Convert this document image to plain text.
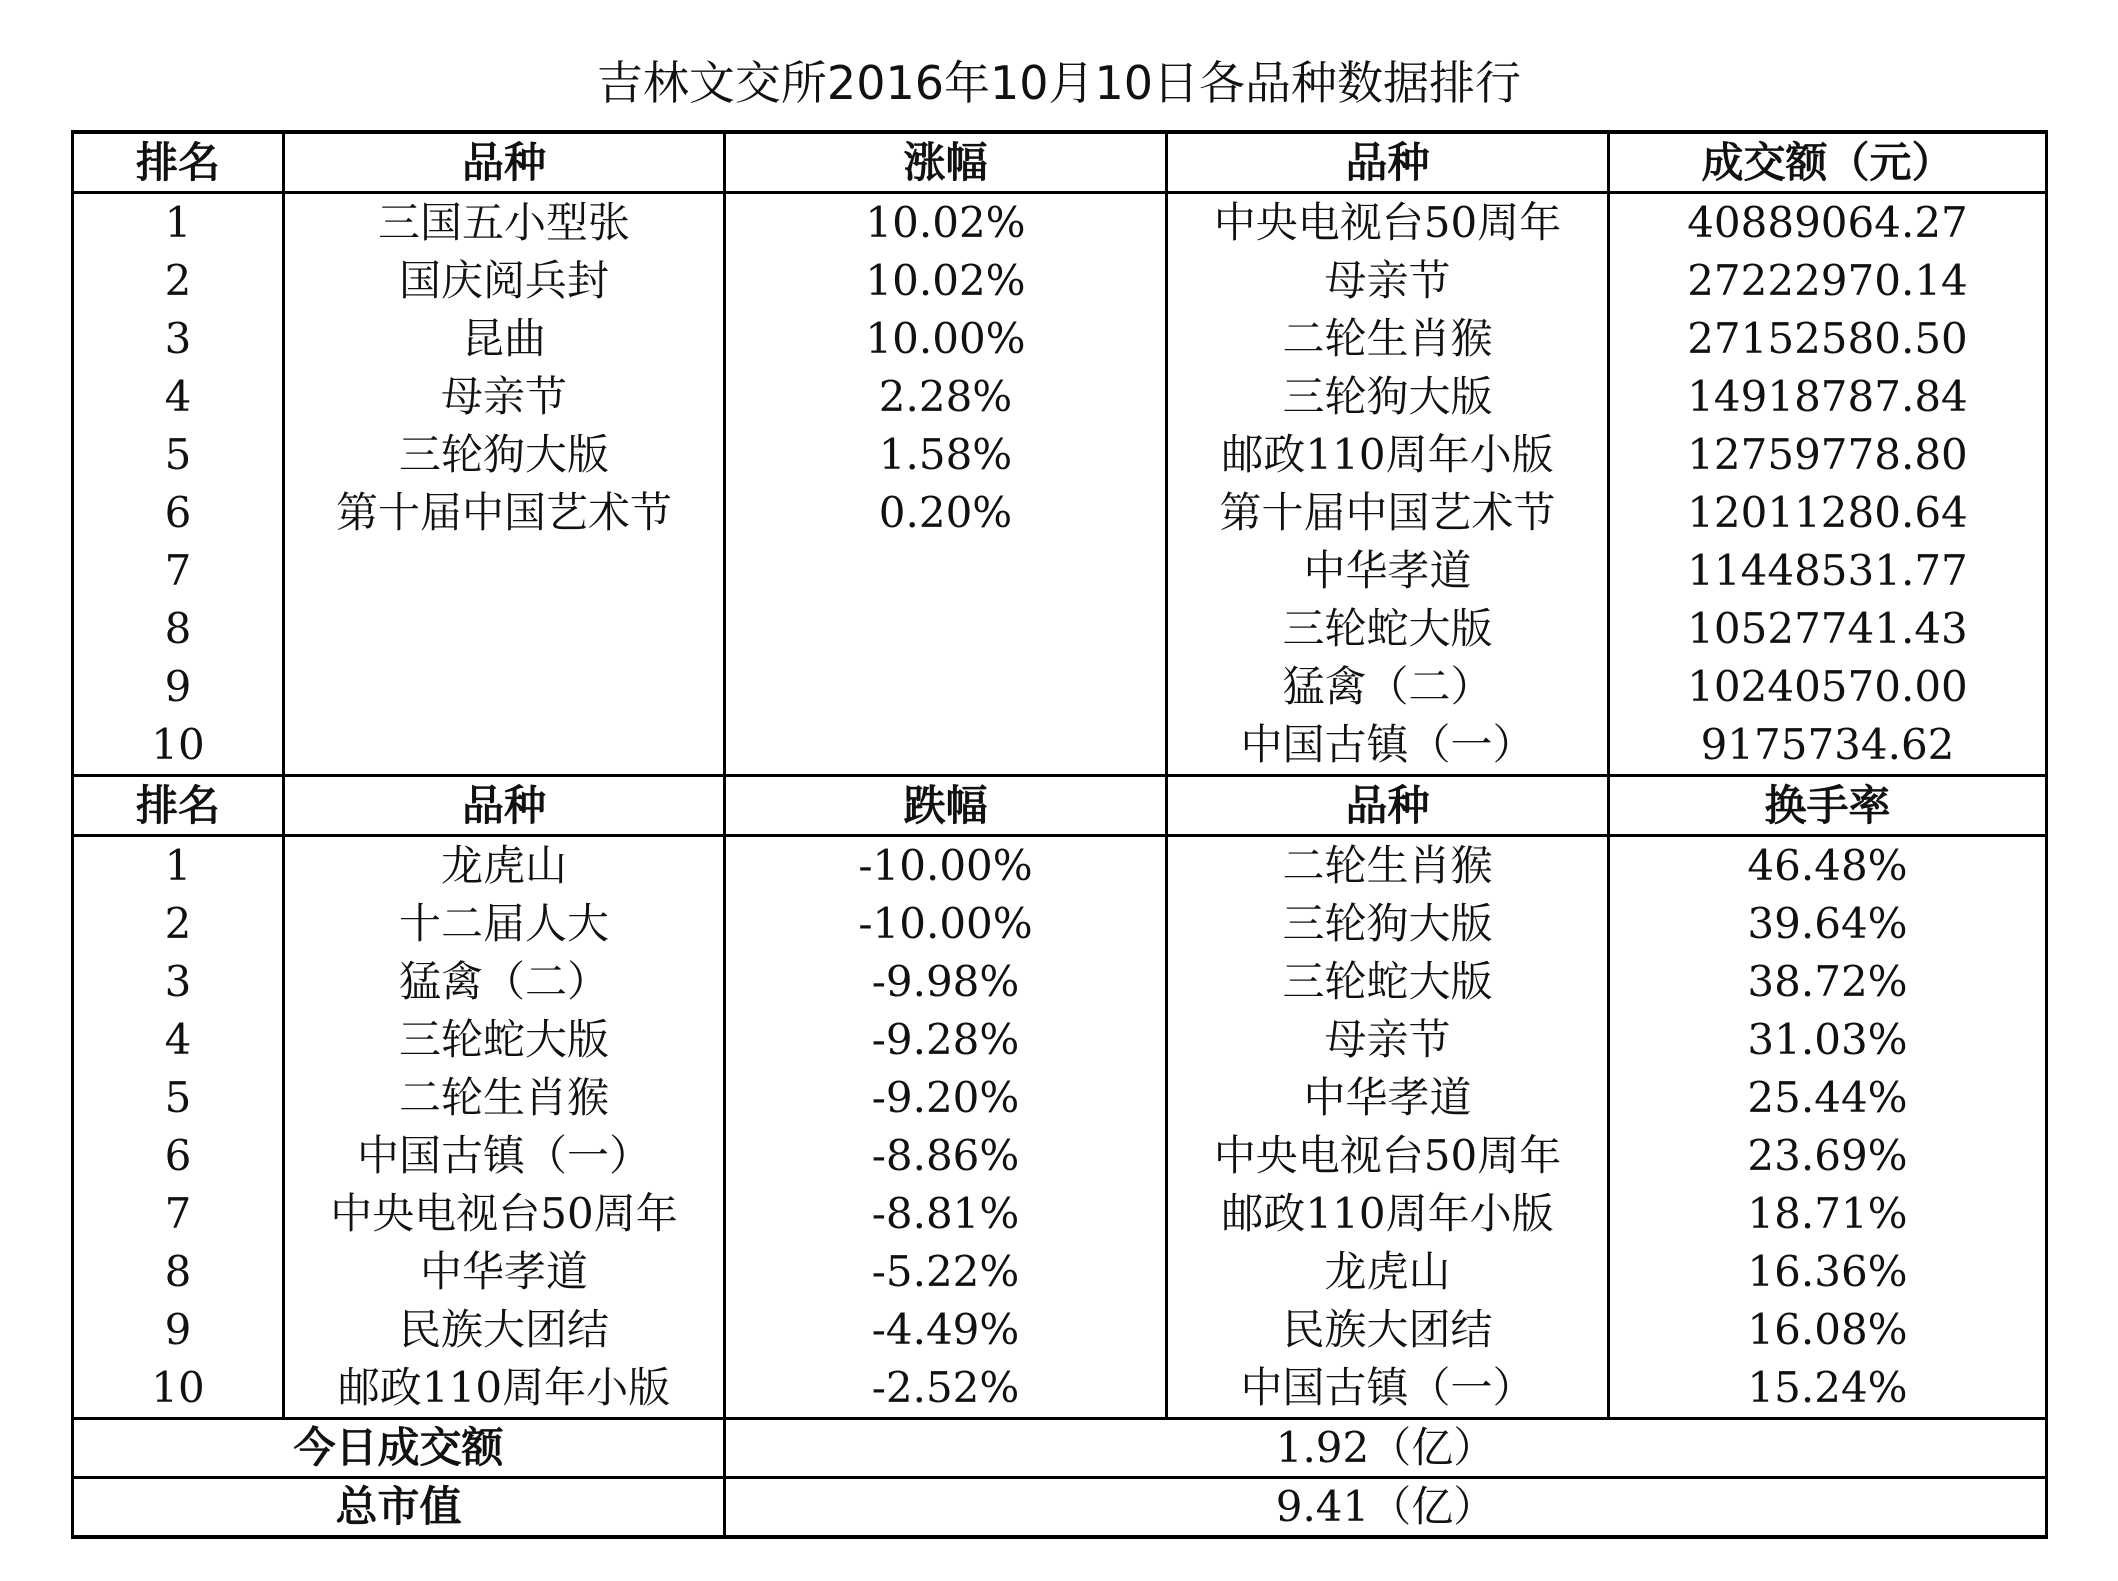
吉林文交所2016年10月10日各品种数据排行
排名	品种	涨幅	品种	成交额（元）
1	三国五小型张	10.02%	中央电视台50周年	40889064.27
2	国庆阅兵封	10.02%	母亲节	27222970.14
3	昆曲	10.00%	二轮生肖猴	27152580.50
4	母亲节	2.28%	三轮狗大版	14918787.84
5	三轮狗大版	1.58%	邮政110周年小版	12759778.80
6	第十届中国艺术节	0.20%	第十届中国艺术节	12011280.64
7			中华孝道	11448531.77
8			三轮蛇大版	10527741.43
9			猛禽（二）	10240570.00
10			中国古镇（一）	9175734.62
排名	品种	跌幅	品种	换手率
1	龙虎山	-10.00%	二轮生肖猴	46.48%
2	十二届人大	-10.00%	三轮狗大版	39.64%
3	猛禽（二）	-9.98%	三轮蛇大版	38.72%
4	三轮蛇大版	-9.28%	母亲节	31.03%
5	二轮生肖猴	-9.20%	中华孝道	25.44%
6	中国古镇（一）	-8.86%	中央电视台50周年	23.69%
7	中央电视台50周年	-8.81%	邮政110周年小版	18.71%
8	中华孝道	-5.22%	龙虎山	16.36%
9	民族大团结	-4.49%	民族大团结	16.08%
10	邮政110周年小版	-2.52%	中国古镇（一）	15.24%
今日成交额		1.92（亿）		
总市值		9.41（亿）		
